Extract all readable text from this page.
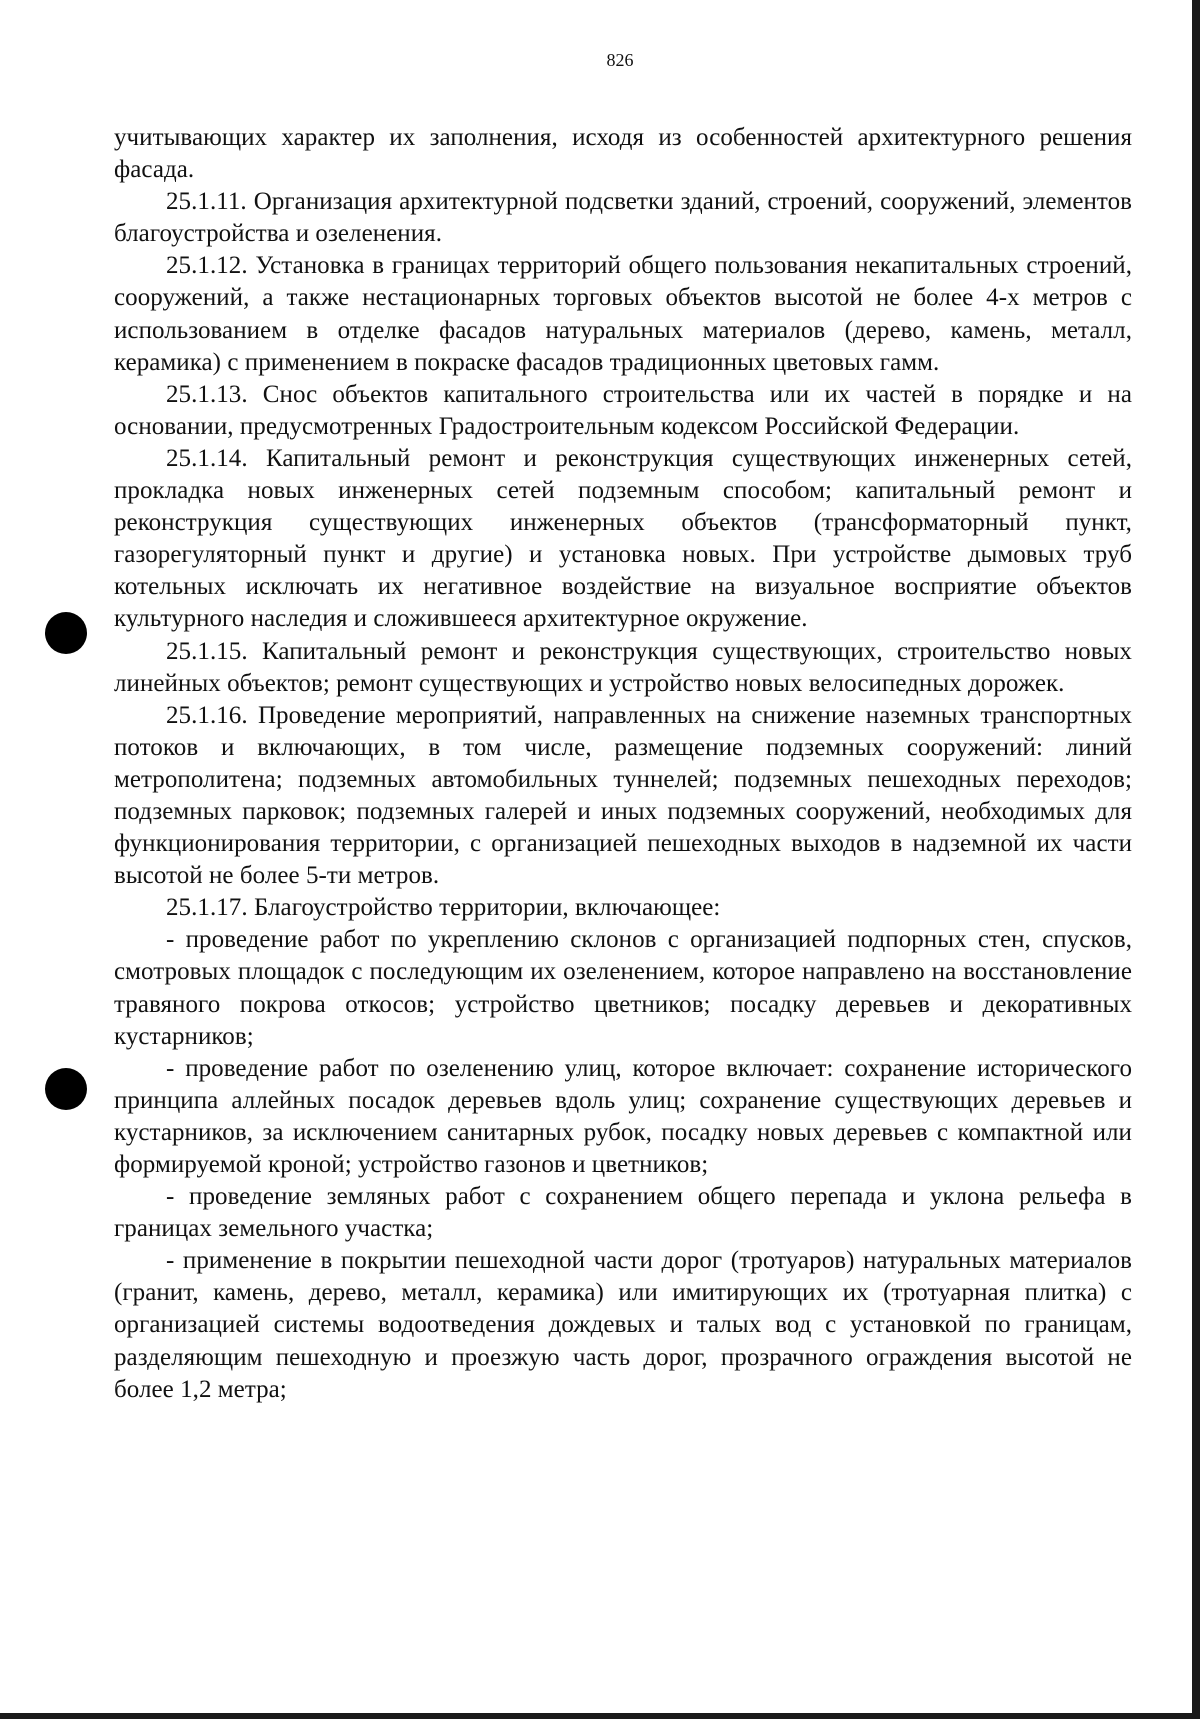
826

учитывающих характер их заполнения, исходя из особенностей архитектурного решения фасада.

25.1.11. Организация архитектурной подсветки зданий, строений, сооружений, элементов благоустройства и озеленения.

25.1.12. Установка в границах территорий общего пользования некапитальных строений, сооружений, а также нестационарных торговых объектов высотой не более 4-х метров с использованием в отделке фасадов натуральных материалов (дерево, камень, металл, керамика) с применением в покраске фасадов традиционных цветовых гамм.

25.1.13. Снос объектов капитального строительства или их частей в порядке и на основании, предусмотренных Градостроительным кодексом Российской Федерации.

25.1.14. Капитальный ремонт и реконструкция существующих инженерных сетей, прокладка новых инженерных сетей подземным способом; капитальный ремонт и реконструкция существующих инженерных объектов (трансформаторный пункт, газорегуляторный пункт и другие) и установка новых. При устройстве дымовых труб котельных исключать их негативное воздействие на визуальное восприятие объектов культурного наследия и сложившееся архитектурное окружение.

25.1.15. Капитальный ремонт и реконструкция существующих, строительство новых линейных объектов; ремонт существующих и устройство новых велосипедных дорожек.

25.1.16. Проведение мероприятий, направленных на снижение наземных транспортных потоков и включающих, в том числе, размещение подземных сооружений: линий метрополитена; подземных автомобильных туннелей; подземных пешеходных переходов; подземных парковок; подземных галерей и иных подземных сооружений, необходимых для функционирования территории, с организацией пешеходных выходов в надземной их части высотой не более 5-ти метров.

25.1.17. Благоустройство территории, включающее:

- проведение работ по укреплению склонов с организацией подпорных стен, спусков, смотровых площадок с последующим их озеленением, которое направлено на восстановление травяного покрова откосов; устройство цветников; посадку деревьев и декоративных кустарников;

- проведение работ по озеленению улиц, которое включает: сохранение исторического принципа аллейных посадок деревьев вдоль улиц; сохранение существующих деревьев и кустарников, за исключением санитарных рубок, посадку новых деревьев с компактной или формируемой кроной; устройство газонов и цветников;

- проведение земляных работ с сохранением общего перепада и уклона рельефа в границах земельного участка;

- применение в покрытии пешеходной части дорог (тротуаров) натуральных материалов (гранит, камень, дерево, металл, керамика) или имитирующих их (тротуарная плитка) с организацией системы водоотведения дождевых и талых вод с установкой по границам, разделяющим пешеходную и проезжую часть дорог, прозрачного ограждения высотой не более 1,2 метра;
